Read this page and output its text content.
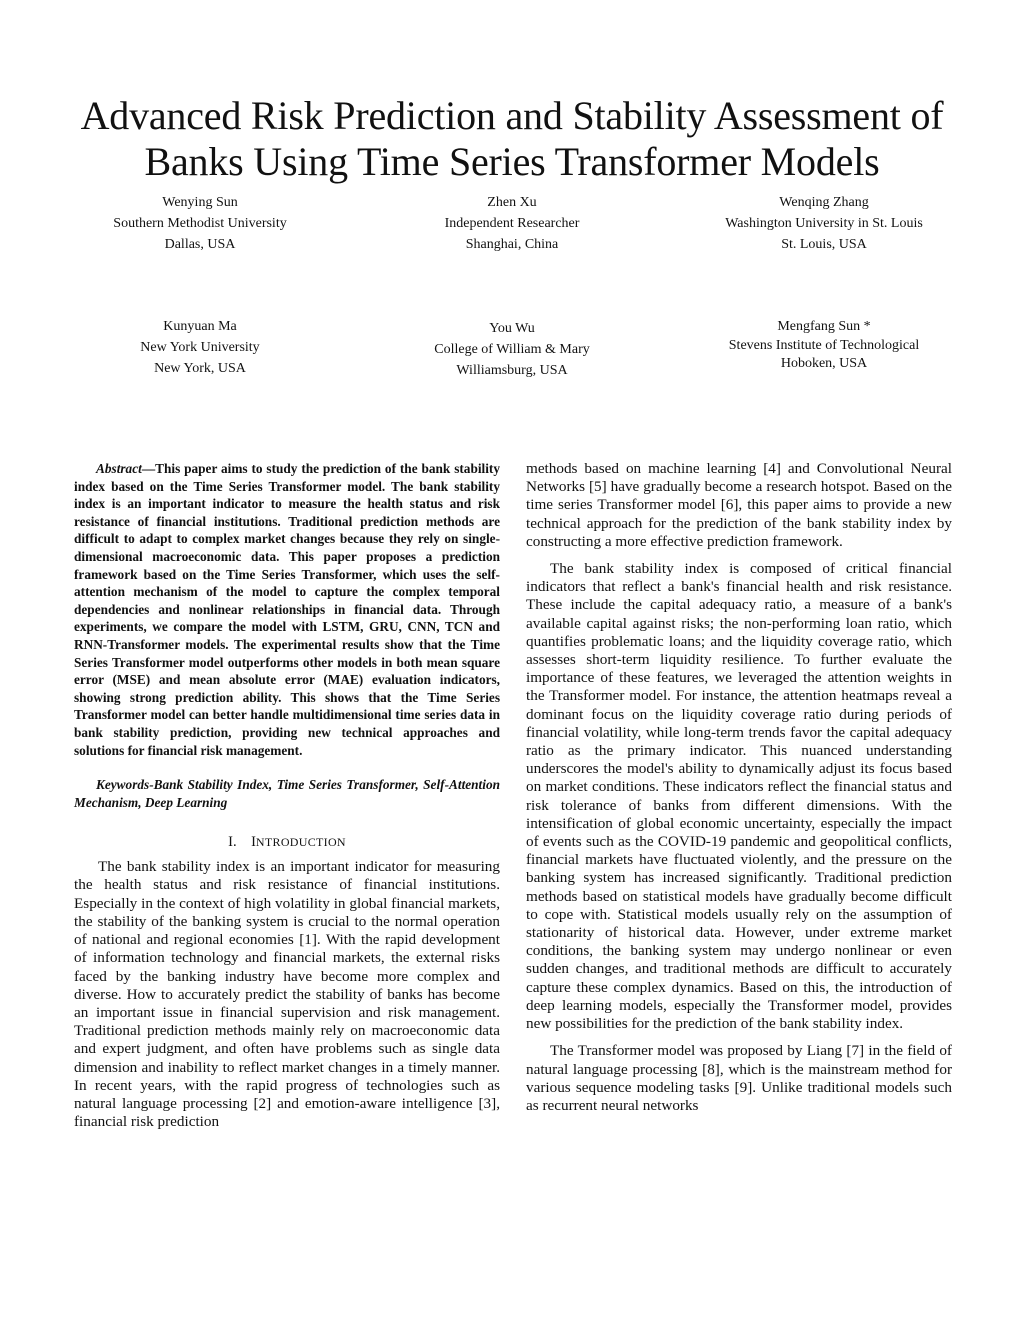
Advanced Risk Prediction and Stability Assessment of Banks Using Time Series Transformer Models
Wenying Sun
Southern Methodist University
Dallas, USA
Zhen Xu
Independent Researcher
Shanghai, China
Wenqing Zhang
Washington University in St. Louis
St. Louis, USA
Kunyuan Ma
New York University
New York, USA
You Wu
College of William & Mary
Williamsburg, USA
Mengfang Sun *
Stevens Institute of Technological
Hoboken, USA

Abstract—This paper aims to study the prediction of the bank stability index based on the Time Series Transformer model. The bank stability index is an important indicator to measure the health status and risk resistance of financial institutions. Traditional prediction methods are difficult to adapt to complex market changes because they rely on single-dimensional macroeconomic data. This paper proposes a prediction framework based on the Time Series Transformer, which uses the self-attention mechanism of the model to capture the complex temporal dependencies and nonlinear relationships in financial data. Through experiments, we compare the model with LSTM, GRU, CNN, TCN and RNN-Transformer models. The experimental results show that the Time Series Transformer model outperforms other models in both mean square error (MSE) and mean absolute error (MAE) evaluation indicators, showing strong prediction ability. This shows that the Time Series Transformer model can better handle multidimensional time series data in bank stability prediction, providing new technical approaches and solutions for financial risk management.

Keywords-Bank Stability Index, Time Series Transformer, Self-Attention Mechanism, Deep Learning

I. INTRODUCTION

The bank stability index is an important indicator for measuring the health status and risk resistance of financial institutions. Especially in the context of high volatility in global financial markets, the stability of the banking system is crucial to the normal operation of national and regional economies [1]. With the rapid development of information technology and financial markets, the external risks faced by the banking industry have become more complex and diverse. How to accurately predict the stability of banks has become an important issue in financial supervision and risk management. Traditional prediction methods mainly rely on macroeconomic data and expert judgment, and often have problems such as single data dimension and inability to reflect market changes in a timely manner. In recent years, with the rapid progress of technologies such as natural language processing [2] and emotion-aware intelligence [3], financial risk prediction

methods based on machine learning [4] and Convolutional Neural Networks [5] have gradually become a research hotspot. Based on the time series Transformer model [6], this paper aims to provide a new technical approach for the prediction of the bank stability index by constructing a more effective prediction framework.

The bank stability index is composed of critical financial indicators that reflect a bank's financial health and risk resistance. These include the capital adequacy ratio, a measure of a bank's available capital against risks; the non-performing loan ratio, which quantifies problematic loans; and the liquidity coverage ratio, which assesses short-term liquidity resilience. To further evaluate the importance of these features, we leveraged the attention weights in the Transformer model. For instance, the attention heatmaps reveal a dominant focus on the liquidity coverage ratio during periods of financial volatility, while long-term trends favor the capital adequacy ratio as the primary indicator. This nuanced understanding underscores the model's ability to dynamically adjust its focus based on market conditions. These indicators reflect the financial status and risk tolerance of banks from different dimensions. With the intensification of global economic uncertainty, especially the impact of events such as the COVID-19 pandemic and geopolitical conflicts, financial markets have fluctuated violently, and the pressure on the banking system has increased significantly. Traditional prediction methods based on statistical models have gradually become difficult to cope with. Statistical models usually rely on the assumption of stationarity of historical data. However, under extreme market conditions, the banking system may undergo nonlinear or even sudden changes, and traditional methods are difficult to accurately capture these complex dynamics. Based on this, the introduction of deep learning models, especially the Transformer model, provides new possibilities for the prediction of the bank stability index.

The Transformer model was proposed by Liang [7] in the field of natural language processing [8], which is the mainstream method for various sequence modeling tasks [9]. Unlike traditional models such as recurrent neural networks
